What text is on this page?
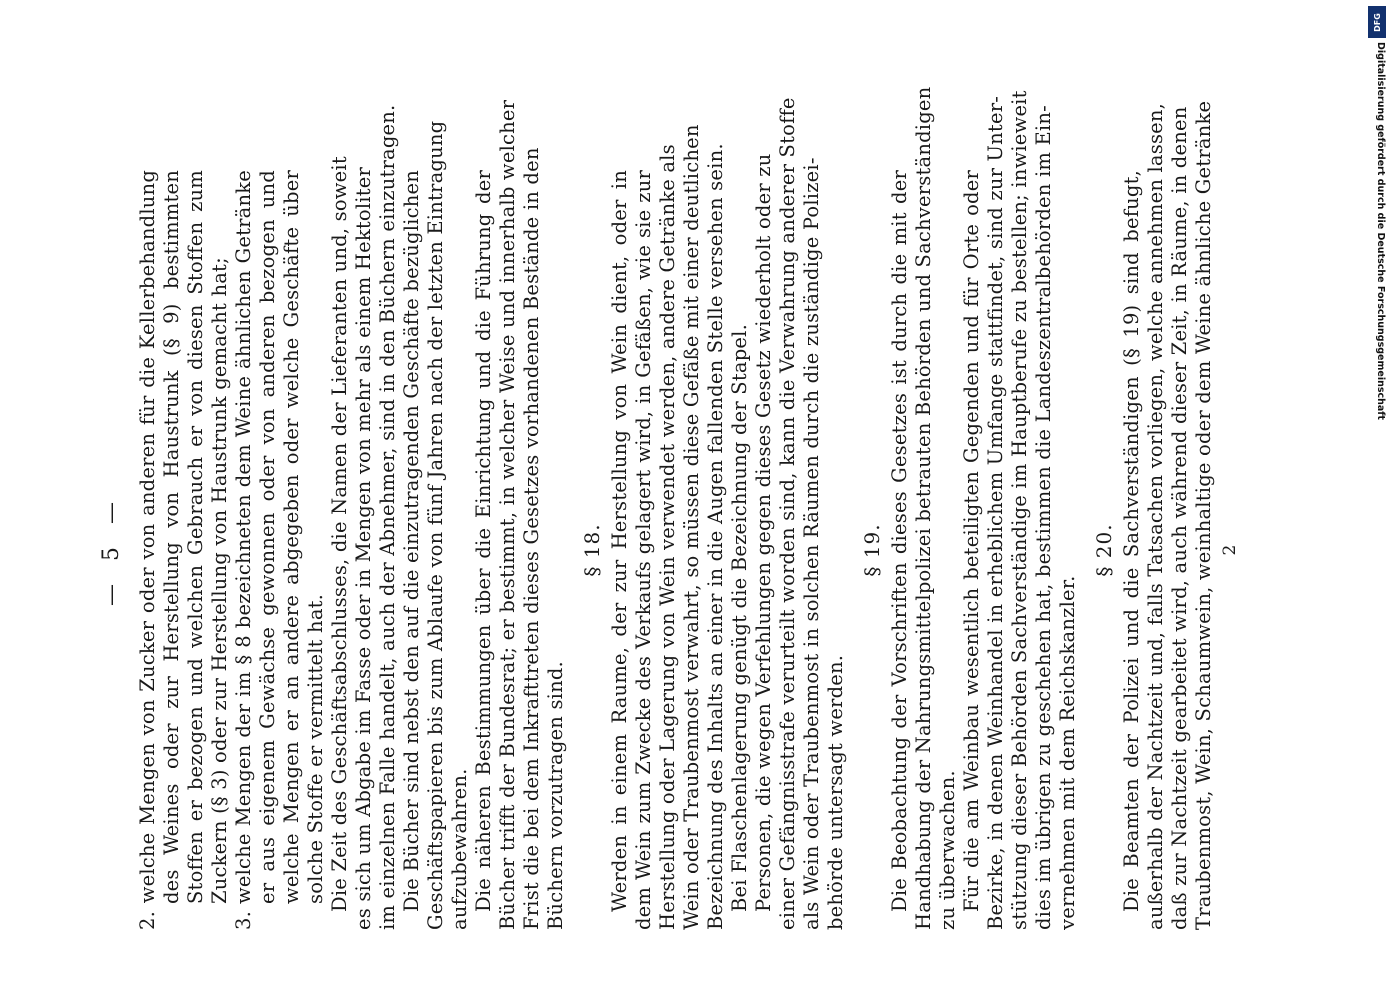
— 5 — 2. welche Mengen von Zucker oder von anderen für die Kellerbehandlung des Weines oder zur Herstellung von Haustrunk (§ 9) bestimmten Stoffen er bezogen und welchen Gebrauch er von diesen Stoffen zum Zuckern (§ 3) oder zur Herstellung von Haustrunk gemacht hat; 3. welche Mengen der im § 8 bezeichneten dem Weine ähnlichen Getränke er aus eigenem Gewächse gewonnen oder von anderen bezogen und welche Mengen er an andere abgegeben oder welche Geschäfte über solche Stoffe er vermittelt hat. Die Zeit des Geschäftsabschlusses, die Namen der Lieferanten und, soweit es sich um Abgabe im Fasse oder in Mengen von mehr als einem Hektoliter im einzelnen Falle handelt, auch der Abnehmer, sind in den Büchern einzutragen. Die Bücher sind nebst den auf die einzutragenden Geschäfte bezüglichen Geschäftspapieren bis zum Ablaufe von fünf Jahren nach der letzten Eintragung aufzubewahren. Die näheren Bestimmungen über die Einrichtung und die Führung der Bücher trifft der Bundesrat; er bestimmt, in welcher Weise und innerhalb welcher Frist die bei dem Inkrafttreten dieses Gesetzes vorhandenen Bestände in den Büchern vorzutragen sind.
§ 18. Werden in einem Raume, der zur Herstellung von Wein dient, oder in dem Wein zum Zwecke des Verkaufs gelagert wird, in Gefäßen, wie sie zur Herstellung oder Lagerung von Wein verwendet werden, andere Getränke als Wein oder Traubenmost verwahrt, so müssen diese Gefäße mit einer deutlichen Bezeichnung des Inhalts an einer in die Augen fallenden Stelle versehen sein. Bei Flaschenlagerung genügt die Bezeichnung der Stapel. Personen, die wegen Verfehlungen gegen dieses Gesetz wiederholt oder zu einer Gefängnisstrafe verurteilt worden sind, kann die Verwahrung anderer Stoffe als Wein oder Traubenmost in solchen Räumen durch die zuständige Polizei- behörde untersagt werden.
§ 19. Die Beobachtung der Vorschriften dieses Gesetzes ist durch die mit der Handhabung der Nahrungsmittelpolizei betrauten Behörden und Sachverständigen zu überwachen. Für die am Weinbau wesentlich beteiligten Gegenden und für Orte oder Bezirke, in denen Weinhandel in erheblichem Umfange stattfindet, sind zur Unter- stützung dieser Behörden Sachverständige im Hauptberufe zu bestellen; inwieweit dies im übrigen zu geschehen hat, bestimmen die Landeszentralbehörden im Ein- vernehmen mit dem Reichskanzler.
§ 20. Die Beamten der Polizei und die Sachverständigen (§ 19) sind befugt, außerhalb der Nachtzeit und, falls Tatsachen vorliegen, welche annehmen lassen, daß zur Nachtzeit gearbeitet wird, auch während dieser Zeit, in Räume, in denen Traubenmost, Wein, Schaumwein, weinhaltige oder dem Weine ähnliche Getränke 2
DFG
Digitalisierung gefördert durch die Deutsche Forschungsgemeinschaft
